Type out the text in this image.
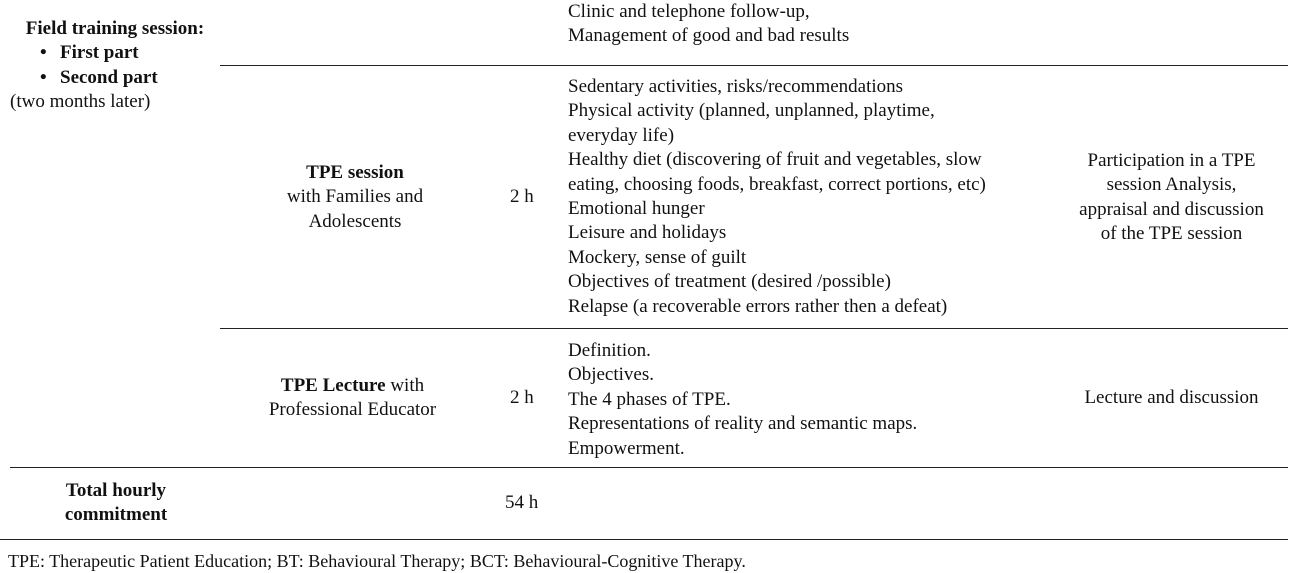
Field training session:
• First part
• Second part
(two months later)
Clinic and telephone follow-up,
Management of good and bad results
TPE session
with Families and
Adolescents
2 h
Sedentary activities, risks/recommendations
Physical activity (planned, unplanned, playtime,
everyday life)
Healthy diet (discovering of fruit and vegetables, slow
eating, choosing foods, breakfast, correct portions, etc)
Emotional hunger
Leisure and holidays
Mockery, sense of guilt
Objectives of treatment (desired /possible)
Relapse (a recoverable errors rather then a defeat)
Participation in a TPE
session Analysis,
appraisal and discussion
of the TPE session
TPE Lecture with
Professional Educator
2 h
Definition.
Objectives.
The 4 phases of TPE.
Representations of reality and semantic maps.
Empowerment.
Lecture and discussion
Total hourly
commitment
54 h
TPE: Therapeutic Patient Education; BT: Behavioural Therapy; BCT: Behavioural-Cognitive Therapy.
